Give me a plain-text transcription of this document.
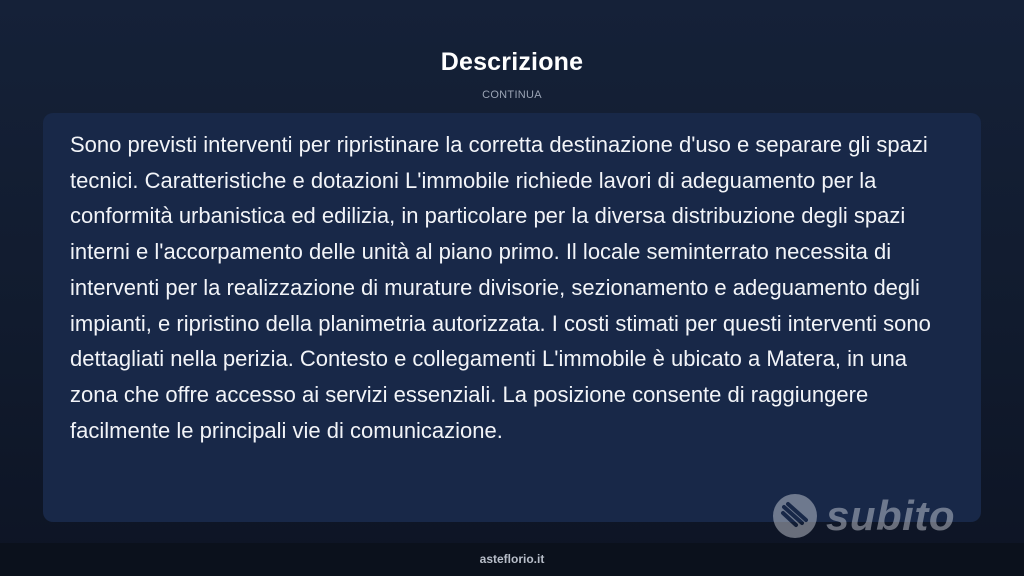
Descrizione
CONTINUA

Sono previsti interventi per ripristinare la corretta destinazione d'uso e separare gli spazi tecnici. Caratteristiche e dotazioni L'immobile richiede lavori di adeguamento per la conformità urbanistica ed edilizia, in particolare per la diversa distribuzione degli spazi interni e l'accorpamento delle unità al piano primo. Il locale seminterrato necessita di interventi per la realizzazione di murature divisorie, sezionamento e adeguamento degli impianti, e ripristino della planimetria autorizzata. I costi stimati per questi interventi sono dettagliati nella perizia. Contesto e collegamenti L'immobile è ubicato a Matera, in una zona che offre accesso ai servizi essenziali. La posizione consente di raggiungere facilmente le principali vie di comunicazione.

subito
asteflorio.it
